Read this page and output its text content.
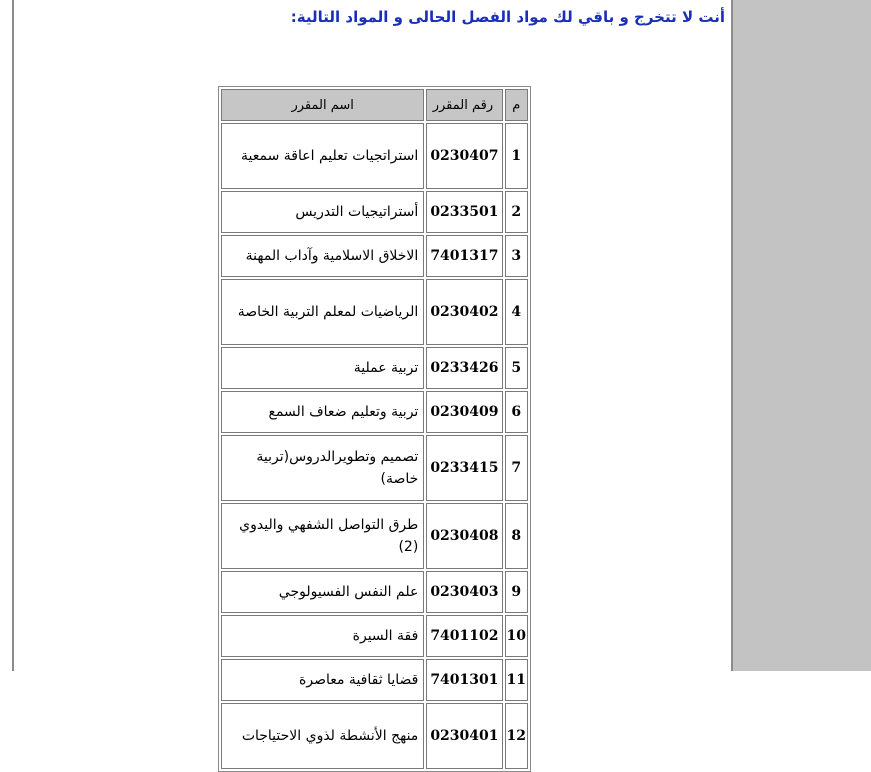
أنت لا تتخرج و باقي لك مواد الفصل الحالى و المواد التالية:
م	رقم المقرر	اسم المقرر
1	0230407	استراتجيات تعليم اعاقة سمعية
2	0233501	أستراتيجيات التدريس
3	7401317	الاخلاق الاسلامية وآداب المهنة
4	0230402	الرياضيات لمعلم التربية الخاصة
5	0233426	تربية عملية
6	0230409	تربية وتعليم ضعاف السمع
7	0233415	تصميم وتطويرالدروس(تربية خاصة)
8	0230408	طرق التواصل الشفهي واليدوي (2)
9	0230403	علم النفس الفسيولوجي
10	7401102	فقة السيرة
11	7401301	قضايا ثقافية معاصرة
12	0230401	منهج الأنشطة لذوي الاحتياجات
